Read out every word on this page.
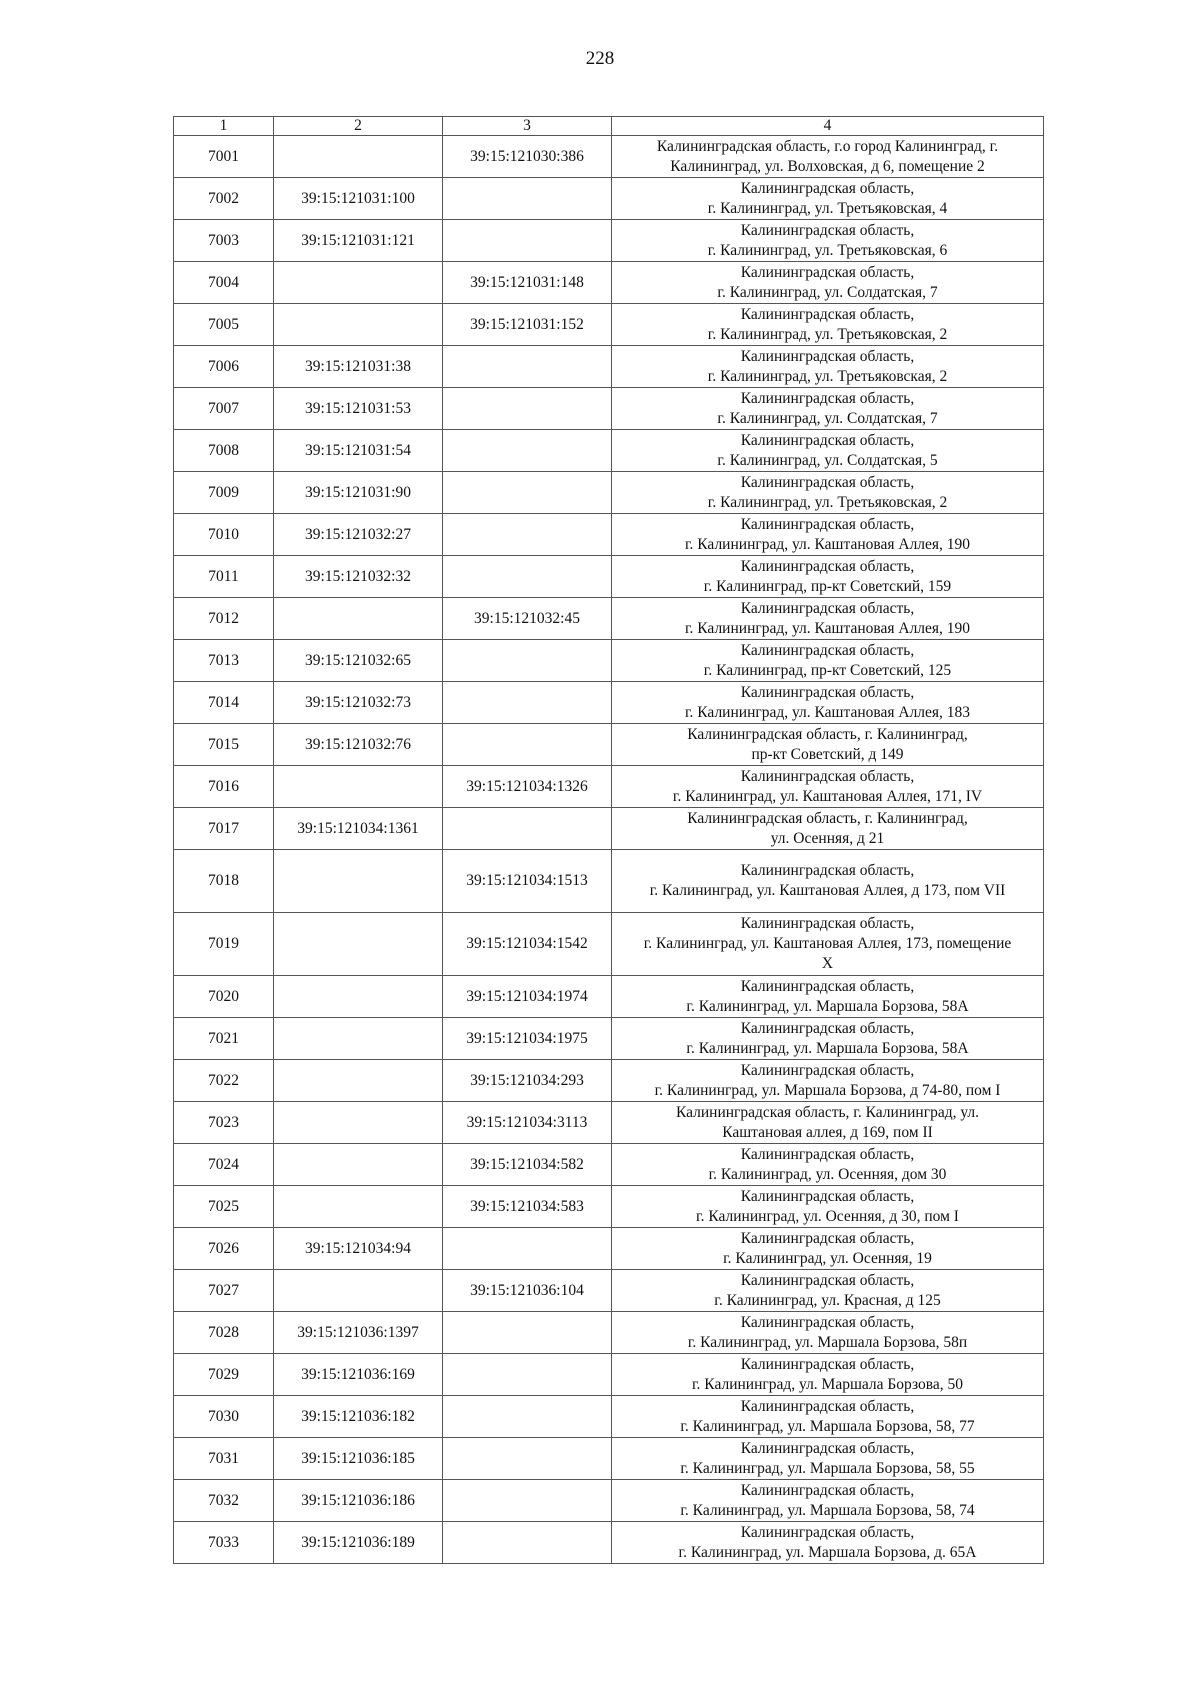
228
1	2	3	4
7001		39:15:121030:386	Калининградская область, г.о город Калининград, г.
Калининград, ул. Волховская, д 6, помещение 2

7002	39:15:121031:100		Калининградская область,
г. Калининград, ул. Третьяковская, 4

7003	39:15:121031:121		Калининградская область,
г. Калининград, ул. Третьяковская, 6

7004		39:15:121031:148	Калининградская область,
г. Калининград, ул. Солдатская, 7

7005		39:15:121031:152	Калининградская область,
г. Калининград, ул. Третьяковская, 2

7006	39:15:121031:38		Калининградская область,
г. Калининград, ул. Третьяковская, 2

7007	39:15:121031:53		Калининградская область,
г. Калининград, ул. Солдатская, 7

7008	39:15:121031:54		Калининградская область,
г. Калининград, ул. Солдатская, 5

7009	39:15:121031:90		Калининградская область,
г. Калининград, ул. Третьяковская, 2

7010	39:15:121032:27		Калининградская область,
г. Калининград, ул. Каштановая Аллея, 190

7011	39:15:121032:32		Калининградская область,
г. Калининград, пр-кт Советский, 159

7012		39:15:121032:45	Калининградская область,
г. Калининград, ул. Каштановая Аллея, 190

7013	39:15:121032:65		Калининградская область,
г. Калининград, пр-кт Советский, 125

7014	39:15:121032:73		Калининградская область,
г. Калининград, ул. Каштановая Аллея, 183

7015	39:15:121032:76		Калининградская область, г. Калининград,
пр-кт Советский, д 149

7016		39:15:121034:1326	Калининградская область,
г. Калининград, ул. Каштановая Аллея, 171, IV

7017	39:15:121034:1361		Калининградская область, г. Калининград,
ул. Осенняя, д 21

7018		39:15:121034:1513	Калининградская область,
г. Калининград, ул. Каштановая Аллея, д 173, пом VII

7019		39:15:121034:1542	Калининградская область,
г. Калининград, ул. Каштановая Аллея, 173, помещение
X

7020		39:15:121034:1974	Калининградская область,
г. Калининград, ул. Маршала Борзова, 58А

7021		39:15:121034:1975	Калининградская область,
г. Калининград, ул. Маршала Борзова, 58А

7022		39:15:121034:293	Калининградская область,
г. Калининград, ул. Маршала Борзова, д 74-80, пом I

7023		39:15:121034:3113	Калининградская область, г. Калининград, ул.
Каштановая аллея, д 169, пом II

7024		39:15:121034:582	Калининградская область,
г. Калининград, ул. Осенняя, дом 30

7025		39:15:121034:583	Калининградская область,
г. Калининград, ул. Осенняя, д 30, пом I

7026	39:15:121034:94		Калининградская область,
г. Калининград, ул. Осенняя, 19

7027		39:15:121036:104	Калининградская область,
г. Калининград, ул. Красная, д 125

7028	39:15:121036:1397		Калининградская область,
г. Калининград, ул. Маршала Борзова, 58п

7029	39:15:121036:169		Калининградская область,
г. Калининград, ул. Маршала Борзова, 50

7030	39:15:121036:182		Калининградская область,
г. Калининград, ул. Маршала Борзова, 58, 77

7031	39:15:121036:185		Калининградская область,
г. Калининград, ул. Маршала Борзова, 58, 55

7032	39:15:121036:186		Калининградская область,
г. Калининград, ул. Маршала Борзова, 58, 74

7033	39:15:121036:189		Калининградская область,
г. Калининград, ул. Маршала Борзова, д. 65А
